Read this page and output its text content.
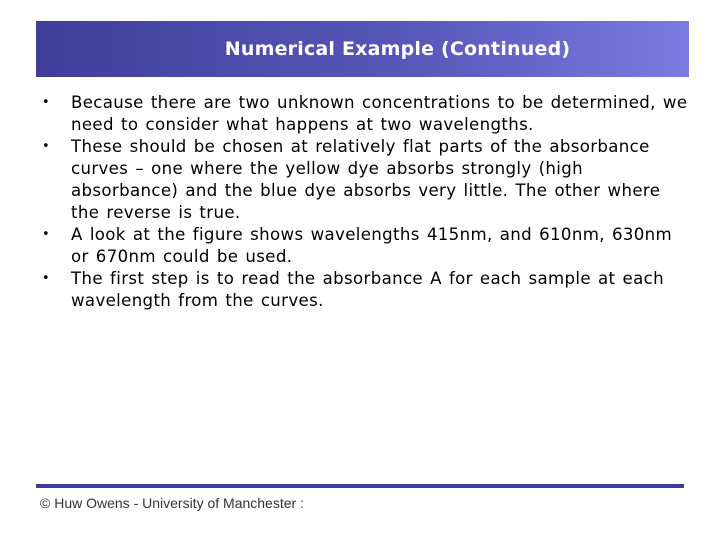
Numerical Example (Continued)
• Because there are two unknown concentrations to be determined, we need to consider what happens at two wavelengths.
• These should be chosen at relatively flat parts of the absorbance curves – one where the yellow dye absorbs strongly (high absorbance) and the blue dye absorbs very little. The other where the reverse is true.
• A look at the figure shows wavelengths 415nm, and 610nm, 630nm or 670nm could be used.
• The first step is to read the absorbance A for each sample at each wavelength from the curves.
© Huw Owens - University of Manchester :
